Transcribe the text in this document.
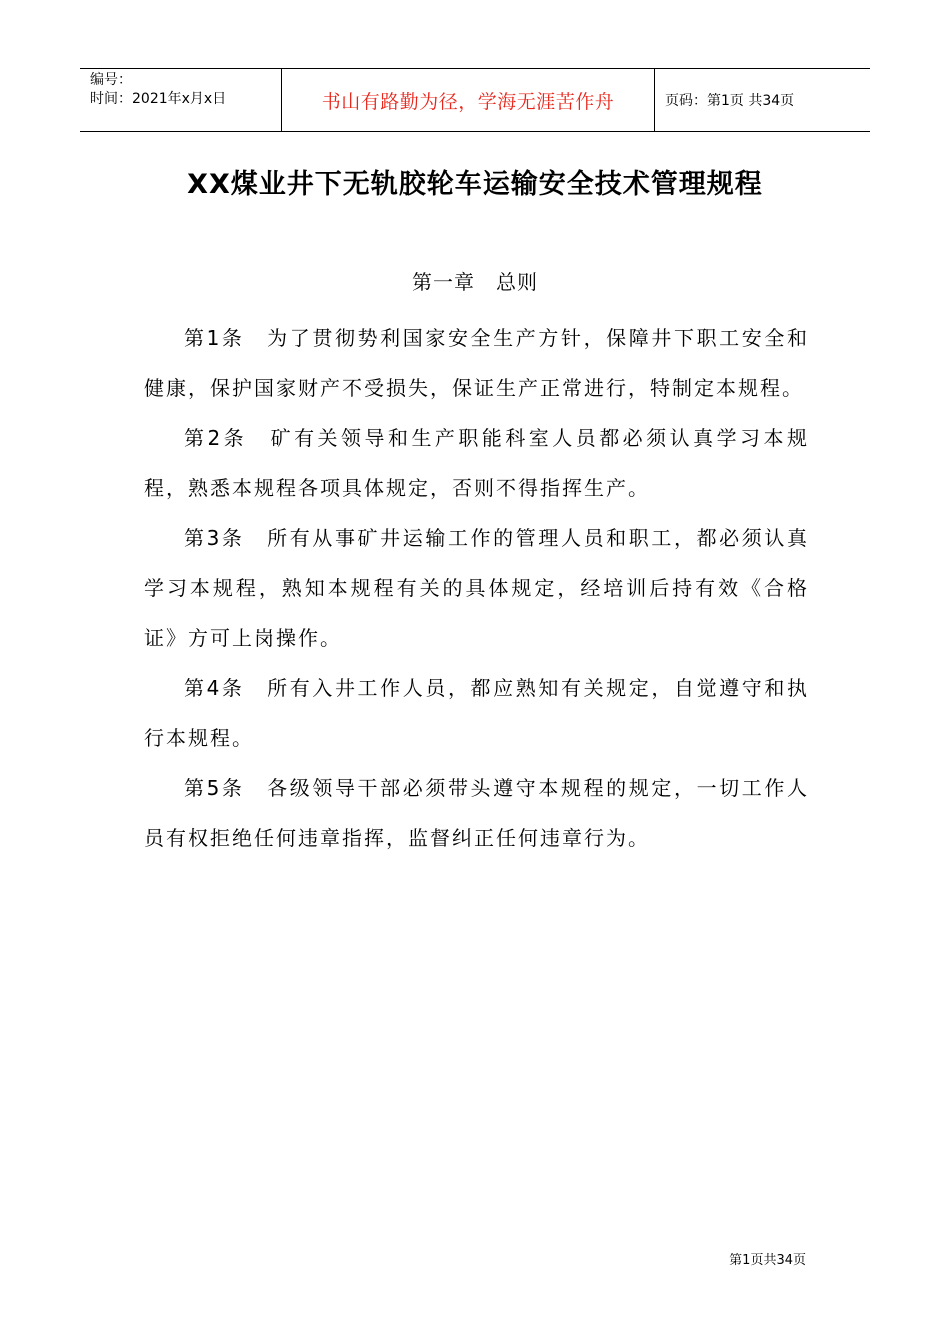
编号：
时间：2021年x月x日	书山有路勤为径，学海无涯苦作舟	页码：第1页 共34页
XX煤业井下无轨胶轮车运输安全技术管理规程
第一章　总则

第1条　为了贯彻势利国家安全生产方针，保障井下职工安全和健康，保护国家财产不受损失，保证生产正常进行，特制定本规程。

第2条　矿有关领导和生产职能科室人员都必须认真学习本规程，熟悉本规程各项具体规定，否则不得指挥生产。

第3条　所有从事矿井运输工作的管理人员和职工，都必须认真学习本规程，熟知本规程有关的具体规定，经培训后持有效《合格证》方可上岗操作。

第4条　所有入井工作人员，都应熟知有关规定，自觉遵守和执行本规程。

第5条　各级领导干部必须带头遵守本规程的规定，一切工作人员有权拒绝任何违章指挥，监督纠正任何违章行为。

第1页共34页
